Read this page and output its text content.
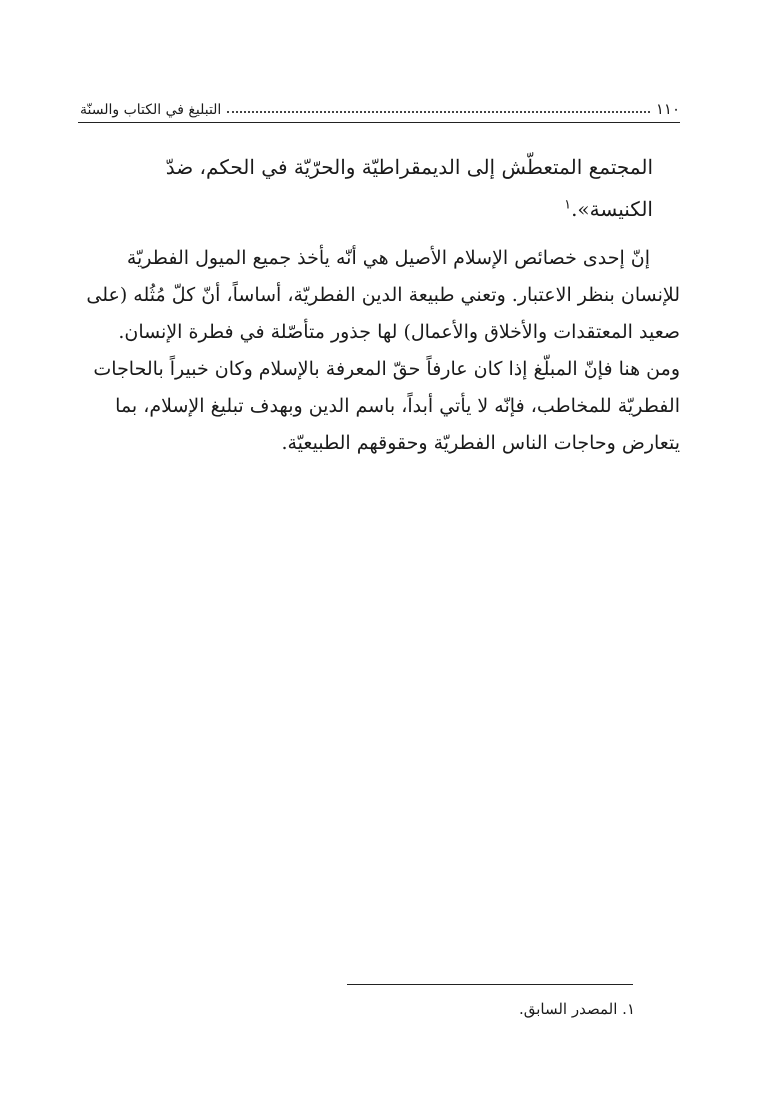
١١٠
التبليغ في الكتاب والسنّة
المجتمع المتعطّش إلى الديمقراطيّة والحرّيّة في الحكم، ضدّ
الكنيسة».$^١$
إنّ إحدى خصائص الإسلام الأصيل هي أنّه يأخذ جميع الميول الفطريّة
للإنسان بنظر الاعتبار. وتعني طبيعة الدين الفطريّة، أساساً، أنّ كلّ مُثُله (على
صعيد المعتقدات والأخلاق والأعمال) لها جذور متأصّلة في فطرة الإنسان.
ومن هنا فإنّ المبلّغ إذا كان عارفاً حقّ المعرفة بالإسلام وكان خبيراً بالحاجات
الفطريّة للمخاطب، فإنّه لا يأتي أبداً، باسم الدين وبهدف تبليغ الإسلام، بما
يتعارض وحاجات الناس الفطريّة وحقوقهم الطبيعيّة.
١. المصدر السابق.
